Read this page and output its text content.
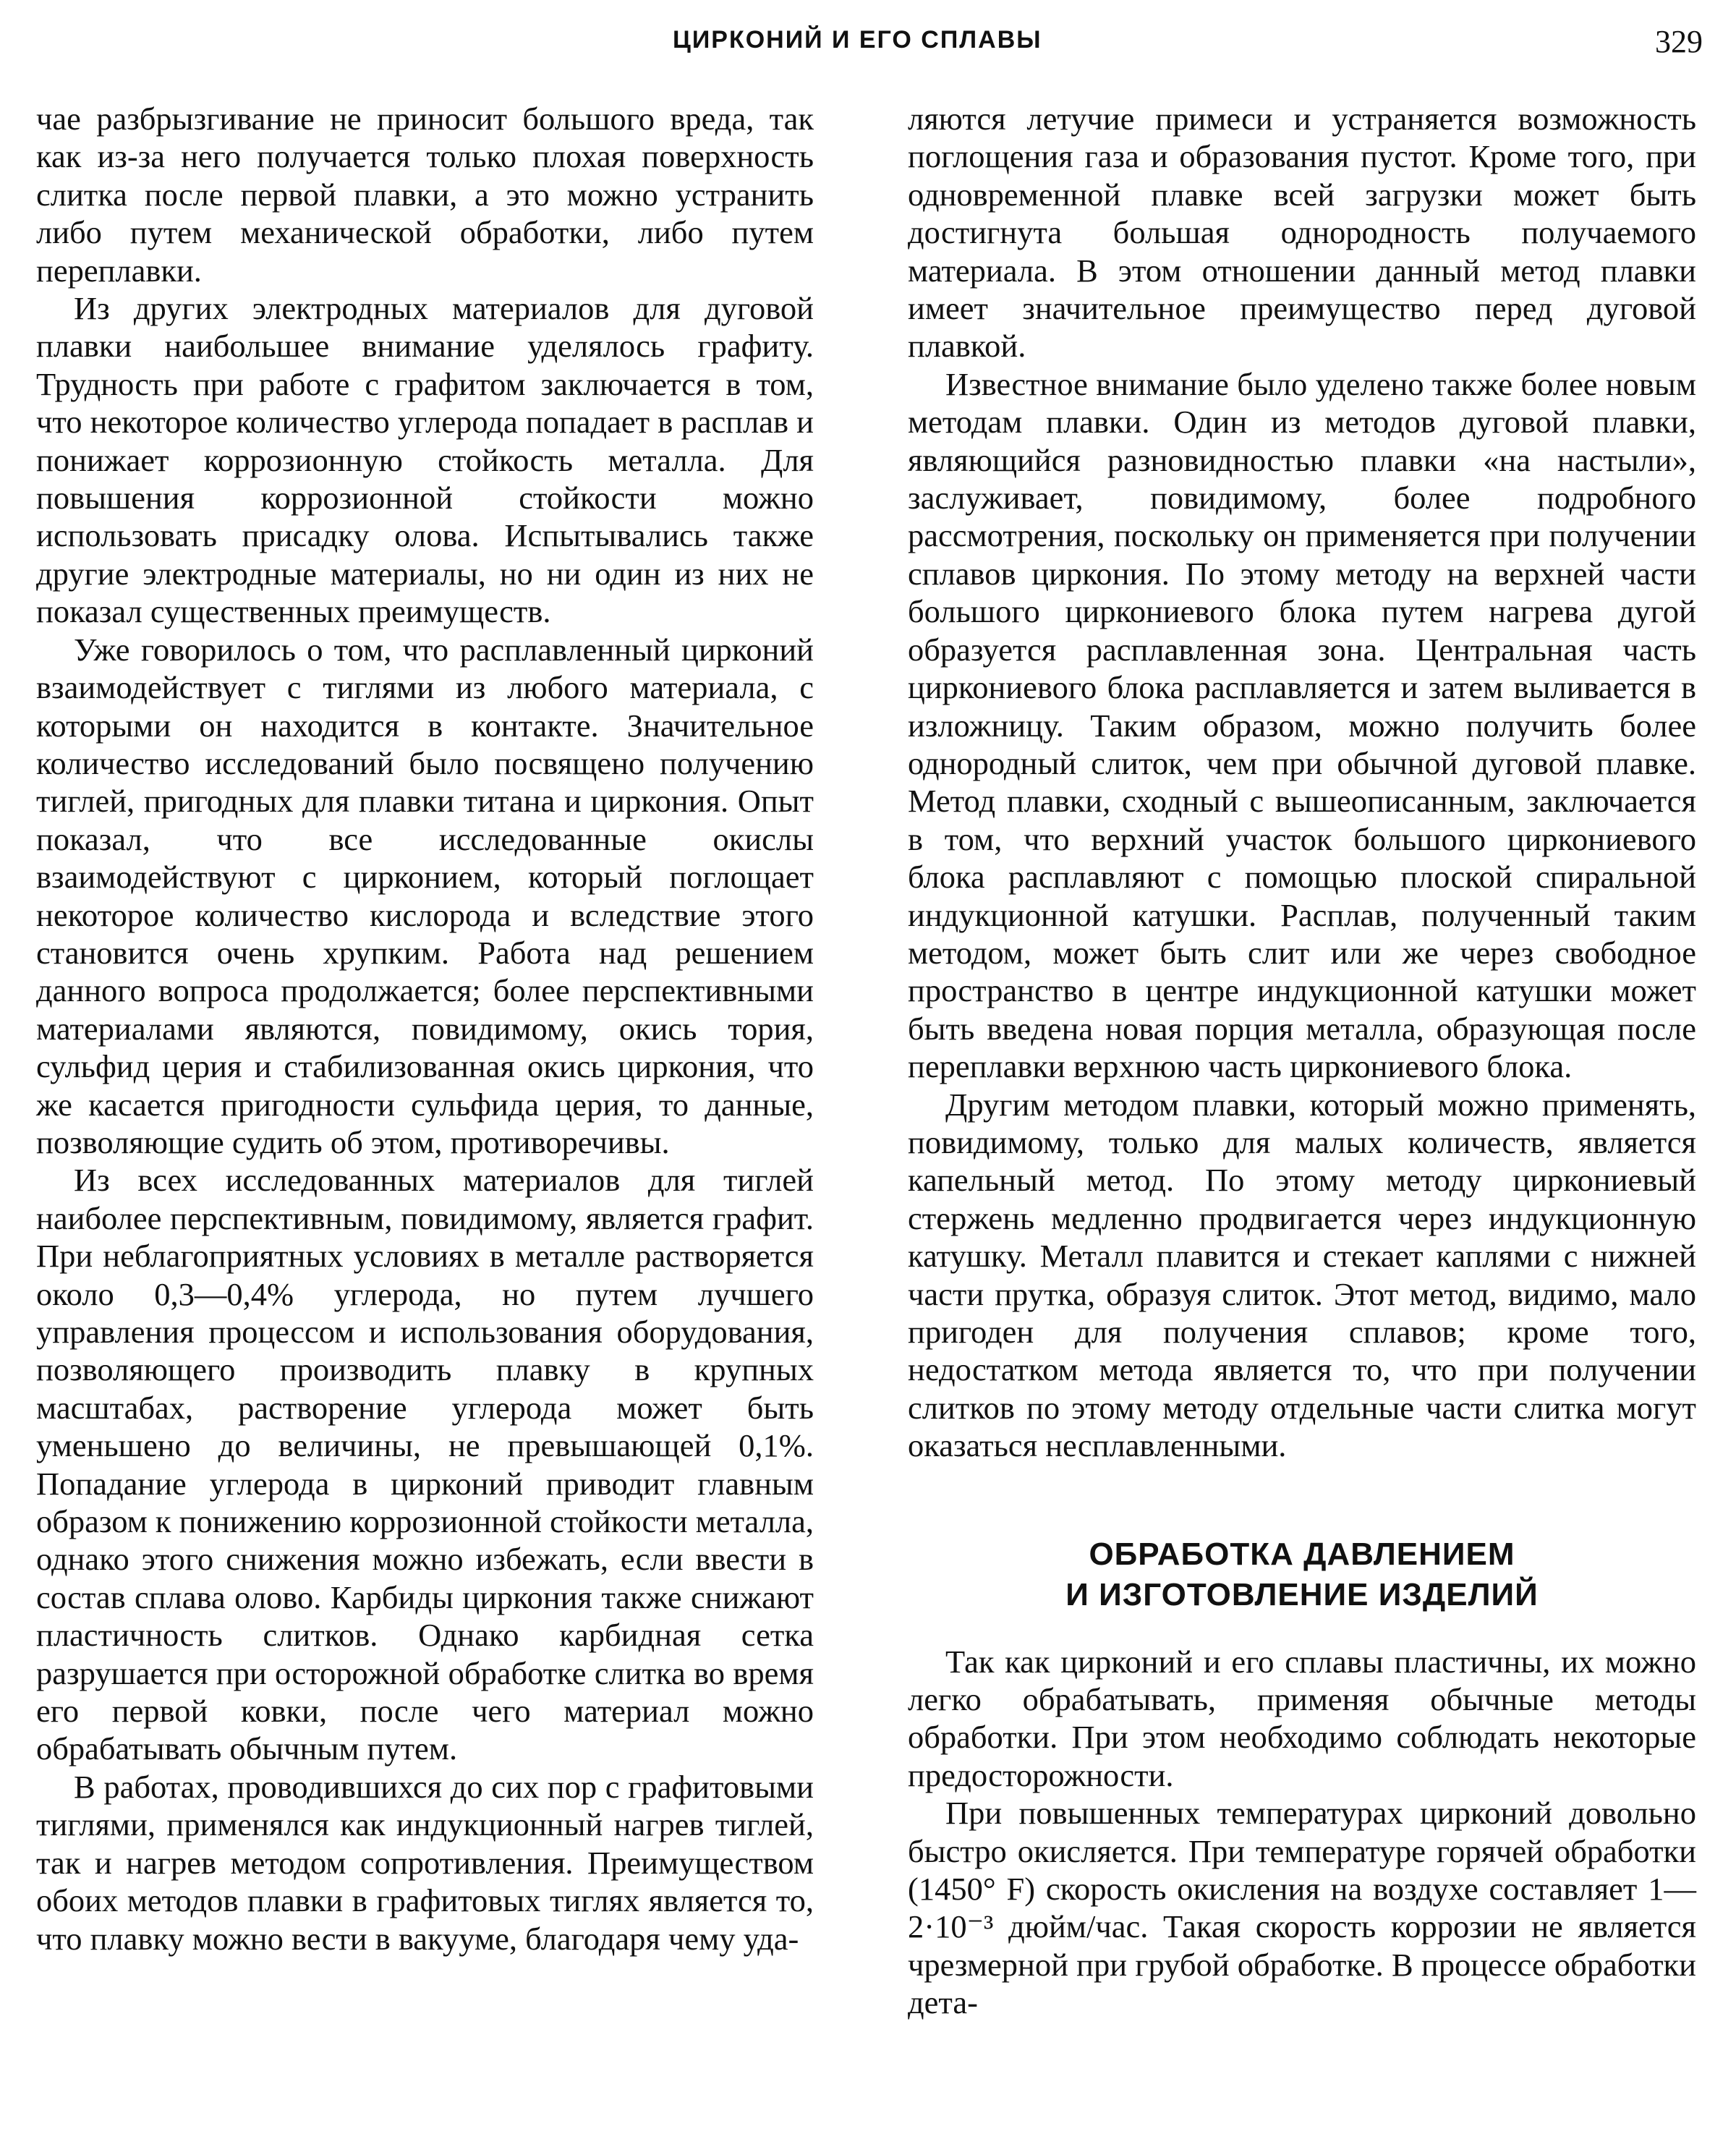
ЦИРКОНИЙ И ЕГО СПЛАВЫ	329

чае разбрызгивание не приносит большого вреда, так как из-за него получается только плохая поверхность слитка после первой плавки, а это можно устранить либо путем механической обработки, либо путем переплавки.

Из других электродных материалов для дуговой плавки наибольшее внимание уделялось графиту. Трудность при работе с графитом заключается в том, что некоторое количество углерода попадает в расплав и понижает коррозионную стойкость металла. Для повышения коррозионной стойкости можно использовать присадку олова. Испытывались также другие электродные материалы, но ни один из них не показал существенных преимуществ.

Уже говорилось о том, что расплавленный цирконий взаимодействует с тиглями из любого материала, с которыми он находится в контакте. Значительное количество исследований было посвящено получению тиглей, пригодных для плавки титана и циркония. Опыт показал, что все исследованные окислы взаимодействуют с цирконием, который поглощает некоторое количество кислорода и вследствие этого становится очень хрупким. Работа над решением данного вопроса продолжается; более перспективными материалами являются, повидимому, окись тория, сульфид церия и стабилизованная окись циркония, что же касается пригодности сульфида церия, то данные, позволяющие судить об этом, противоречивы.

Из всех исследованных материалов для тиглей наиболее перспективным, повидимому, является графит. При неблагоприятных условиях в металле растворяется около 0,3—0,4% углерода, но путем лучшего управления процессом и использования оборудования, позволяющего производить плавку в крупных масштабах, растворение углерода может быть уменьшено до величины, не превышающей 0,1%. Попадание углерода в цирконий приводит главным образом к понижению коррозионной стойкости металла, однако этого снижения можно избежать, если ввести в состав сплава олово. Карбиды циркония также снижают пластичность слитков. Однако карбидная сетка разрушается при осторожной обработке слитка во время его первой ковки, после чего материал можно обрабатывать обычным путем.

В работах, проводившихся до сих пор с графитовыми тиглями, применялся как индукционный нагрев тиглей, так и нагрев методом сопротивления. Преимуществом обоих методов плавки в графитовых тиглях является то, что плавку можно вести в вакууме, благодаря чему уда-

ляются летучие примеси и устраняется возможность поглощения газа и образования пустот. Кроме того, при одновременной плавке всей загрузки может быть достигнута большая однородность получаемого материала. В этом отношении данный метод плавки имеет значительное преимущество перед дуговой плавкой.

Известное внимание было уделено также более новым методам плавки. Один из методов дуговой плавки, являющийся разновидностью плавки «на настыли», заслуживает, повидимому, более подробного рассмотрения, поскольку он применяется при получении сплавов циркония. По этому методу на верхней части большого циркониевого блока путем нагрева дугой образуется расплавленная зона. Центральная часть циркониевого блока расплавляется и затем выливается в изложницу. Таким образом, можно получить более однородный слиток, чем при обычной дуговой плавке. Метод плавки, сходный с вышеописанным, заключается в том, что верхний участок большого циркониевого блока расплавляют с помощью плоской спиральной индукционной катушки. Расплав, полученный таким методом, может быть слит или же через свободное пространство в центре индукционной катушки может быть введена новая порция металла, образующая после переплавки верхнюю часть циркониевого блока.

Другим методом плавки, который можно применять, повидимому, только для малых количеств, является капельный метод. По этому методу циркониевый стержень медленно продвигается через индукционную катушку. Металл плавится и стекает каплями с нижней части прутка, образуя слиток. Этот метод, видимо, мало пригоден для получения сплавов; кроме того, недостатком метода является то, что при получении слитков по этому методу отдельные части слитка могут оказаться несплавленными.

ОБРАБОТКА ДАВЛЕНИЕМ

И ИЗГОТОВЛЕНИЕ ИЗДЕЛИЙ

Так как цирконий и его сплавы пластичны, их можно легко обрабатывать, применяя обычные методы обработки. При этом необходимо соблюдать некоторые предосторожности.

При повышенных температурах цирконий довольно быстро окисляется. При температуре горячей обработки (1450° F) скорость окисления на воздухе составляет 1—2·10⁻³ дюйм/час. Такая скорость коррозии не является чрезмерной при грубой обработке. В процессе обработки дета-
